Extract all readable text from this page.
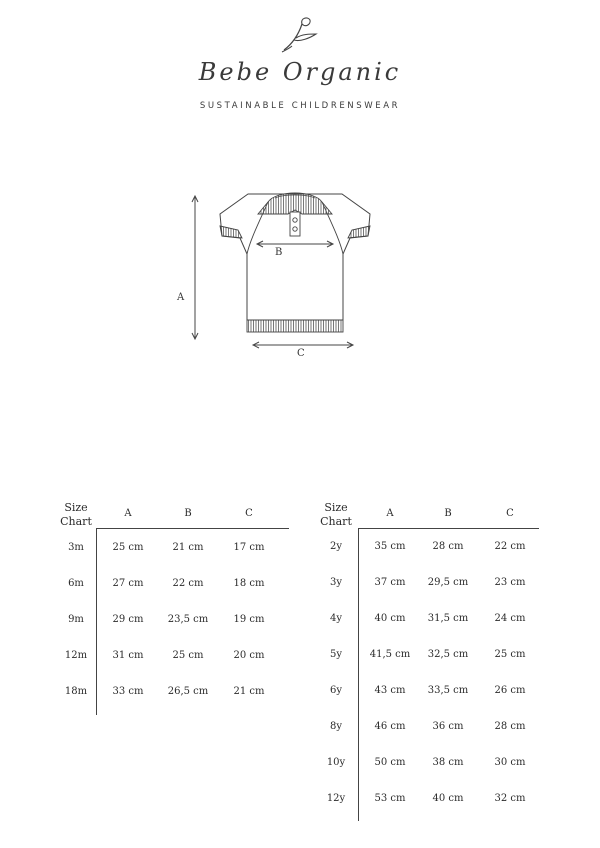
Bebe Organic
SUSTAINABLE CHILDRENSWEAR
A
B
C
Size
Chart
A	B	C
3m	25 cm	21 cm	17 cm
6m	27 cm	22 cm	18 cm
9m	29 cm	23,5 cm	19 cm
12m	31 cm	25 cm	20 cm
18m	33 cm	26,5 cm	21 cm
Size
Chart
A	B	C
2y	35 cm	28 cm	22 cm
3y	37 cm	29,5 cm	23 cm
4y	40 cm	31,5 cm	24 cm
5y	41,5 cm	32,5 cm	25 cm
6y	43 cm	33,5 cm	26 cm
8y	46 cm	36 cm	28 cm
10y	50 cm	38 cm	30 cm
12y	53 cm	40 cm	32 cm
